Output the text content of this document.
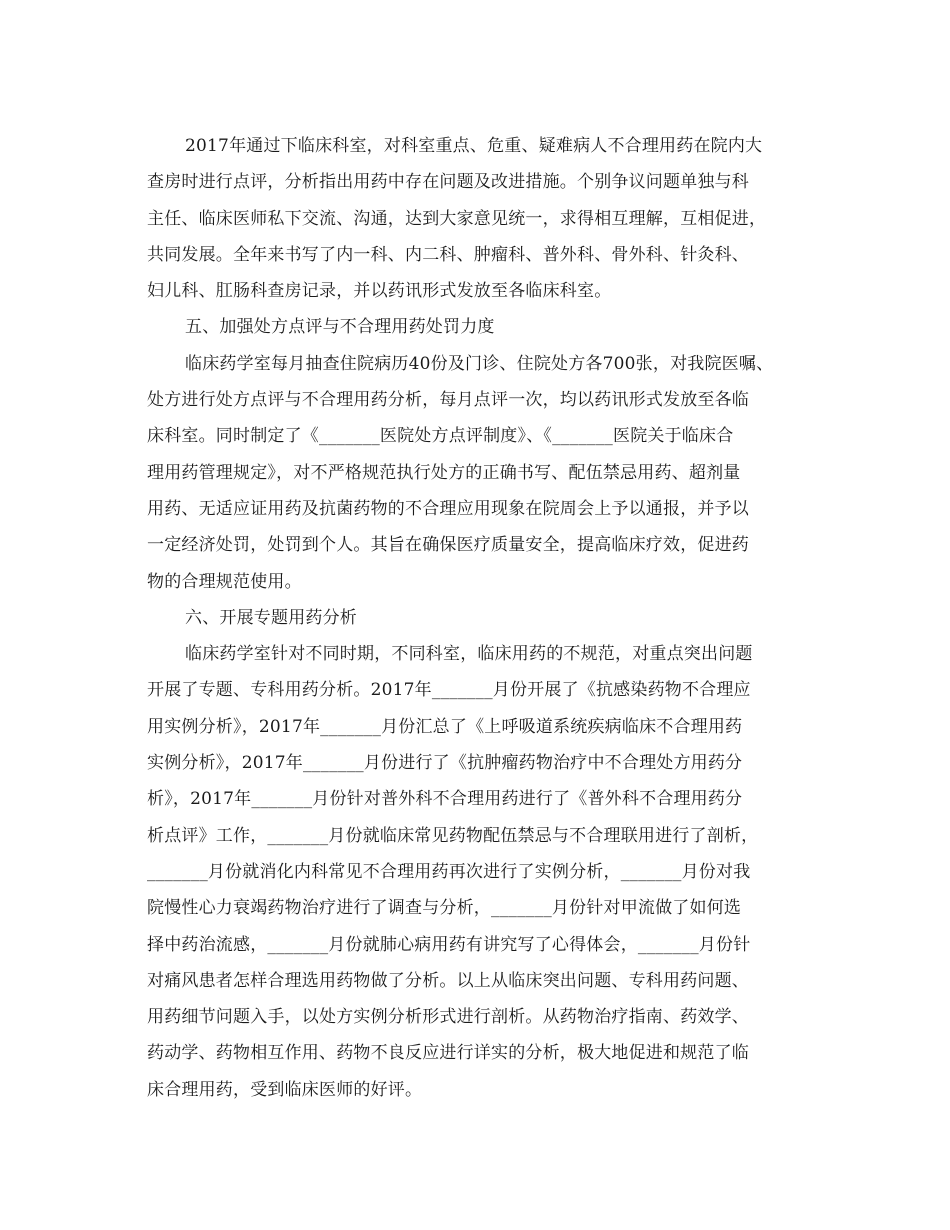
2017年通过下临床科室，对科室重点、危重、疑难病人不合理用药在院内大
查房时进行点评，分析指出用药中存在问题及改进措施。个别争议问题单独与科
主任、临床医师私下交流、沟通，达到大家意见统一，求得相互理解，互相促进，
共同发展。全年来书写了内一科、内二科、肿瘤科、普外科、骨外科、针灸科、
妇儿科、肛肠科查房记录，并以药讯形式发放至各临床科室。
五、加强处方点评与不合理用药处罚力度
临床药学室每月抽查住院病历40份及门诊、住院处方各700张，对我院医嘱、
处方进行处方点评与不合理用药分析，每月点评一次，均以药讯形式发放至各临
床科室。同时制定了《_______医院处方点评制度》、《_______医院关于临床合
理用药管理规定》，对不严格规范执行处方的正确书写、配伍禁忌用药、超剂量
用药、无适应证用药及抗菌药物的不合理应用现象在院周会上予以通报，并予以
一定经济处罚，处罚到个人。其旨在确保医疗质量安全，提高临床疗效，促进药
物的合理规范使用。
六、开展专题用药分析
临床药学室针对不同时期，不同科室，临床用药的不规范，对重点突出问题
开展了专题、专科用药分析。2017年_______月份开展了《抗感染药物不合理应
用实例分析》，2017年_______月份汇总了《上呼吸道系统疾病临床不合理用药
实例分析》，2017年_______月份进行了《抗肿瘤药物治疗中不合理处方用药分
析》，2017年_______月份针对普外科不合理用药进行了《普外科不合理用药分
析点评》工作，_______月份就临床常见药物配伍禁忌与不合理联用进行了剖析，
_______月份就消化内科常见不合理用药再次进行了实例分析，_______月份对我
院慢性心力衰竭药物治疗进行了调查与分析，_______月份针对甲流做了如何选
择中药治流感，_______月份就肺心病用药有讲究写了心得体会，_______月份针
对痛风患者怎样合理选用药物做了分析。以上从临床突出问题、专科用药问题、
用药细节问题入手，以处方实例分析形式进行剖析。从药物治疗指南、药效学、
药动学、药物相互作用、药物不良反应进行详实的分析，极大地促进和规范了临
床合理用药，受到临床医师的好评。
